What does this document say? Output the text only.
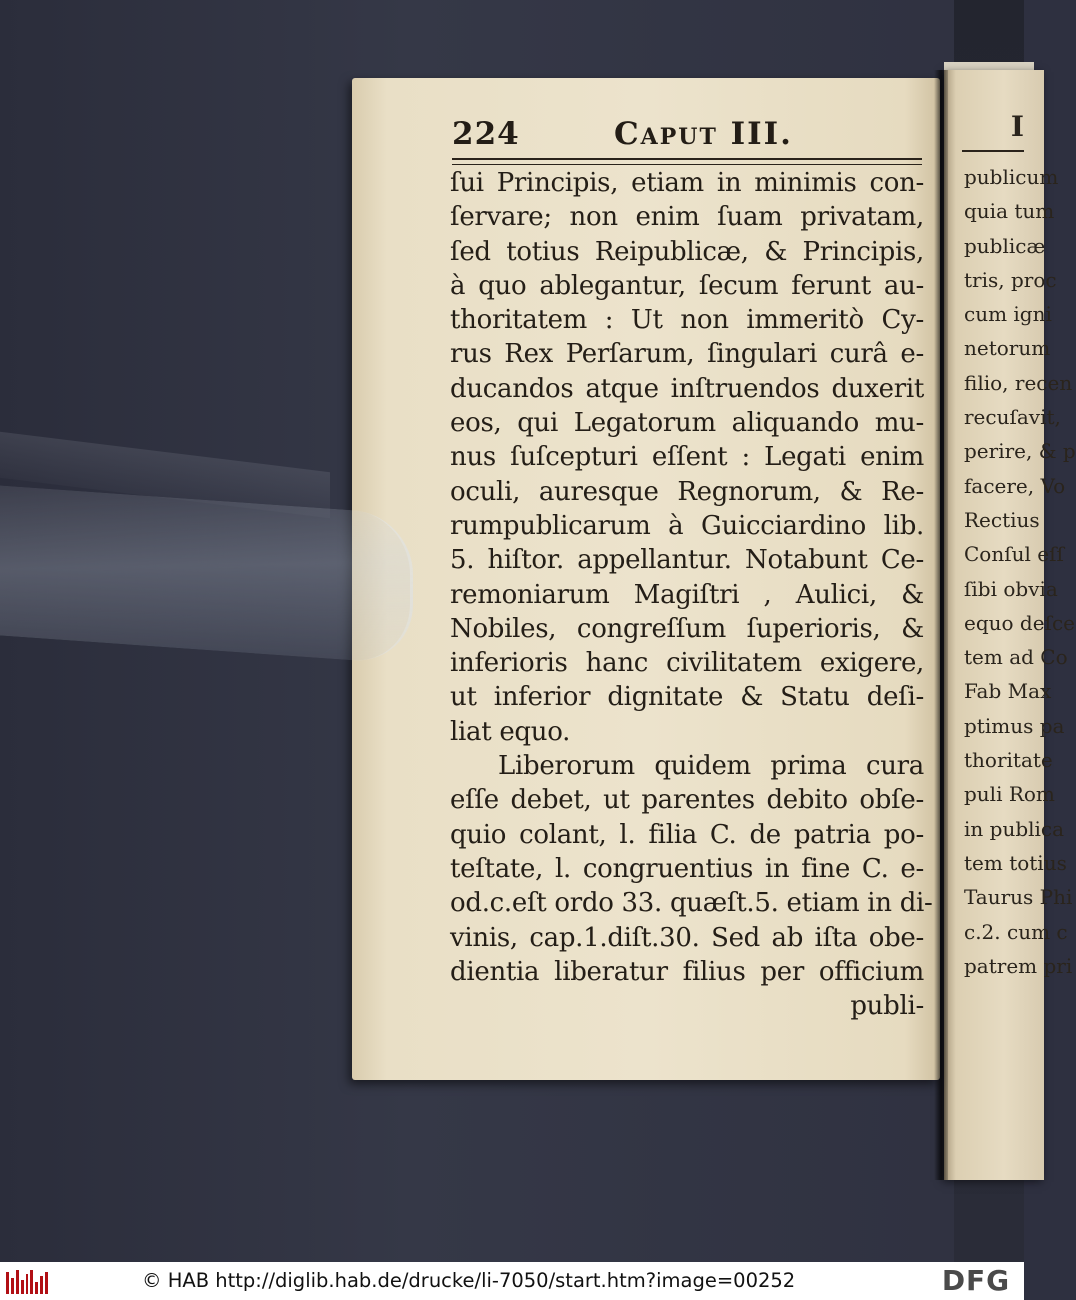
I
publicum
quia tum
publicæ
tris, proc
cum igni
netorum
filio, recen
recuſavit,
perire, & p
facere, Vo
Rectius
Conſul eſſ
ſibi obvia
equo deſce
tem ad Co
Fab Max
ptimus pa
thoritate
puli Rom
in publica
tem totius
Taurus Phi
c.2. cum c
patrem pri
224	Caput III.
ſui Principis, etiam in minimis con-
ſervare; non enim ſuam privatam,
ſed totius Reipublicæ, & Principis,
à quo ablegantur, ſecum ferunt au-
thoritatem : Ut non immeritò Cy-
rus Rex Perſarum, ſingulari curâ e-
ducandos atque inſtruendos duxerit
eos, qui Legatorum aliquando mu-
nus ſuſcepturi eſſent : Legati enim
oculi, auresque Regnorum, & Re-
rumpublicarum à Guicciardino lib.
5. hiſtor. appellantur. Notabunt Ce-
remoniarum Magiſtri , Aulici, &
Nobiles, congreſſum ſuperioris, &
inferioris hanc civilitatem exigere,
ut inferior dignitate & Statu deſi-
liat equo.
Liberorum quidem prima cura
eſſe debet, ut parentes debito obſe-
quio colant, l. filia C. de patria po-
teſtate, l. congruentius in fine C. e-
od.c.eſt ordo 33. quæſt.5. etiam in di-
vinis, cap.1.diſt.30. Sed ab iſta obe-
dientia liberatur filius per officium
publi-
© HAB http://diglib.hab.de/drucke/li-7050/start.htm?image=00252	DFG
